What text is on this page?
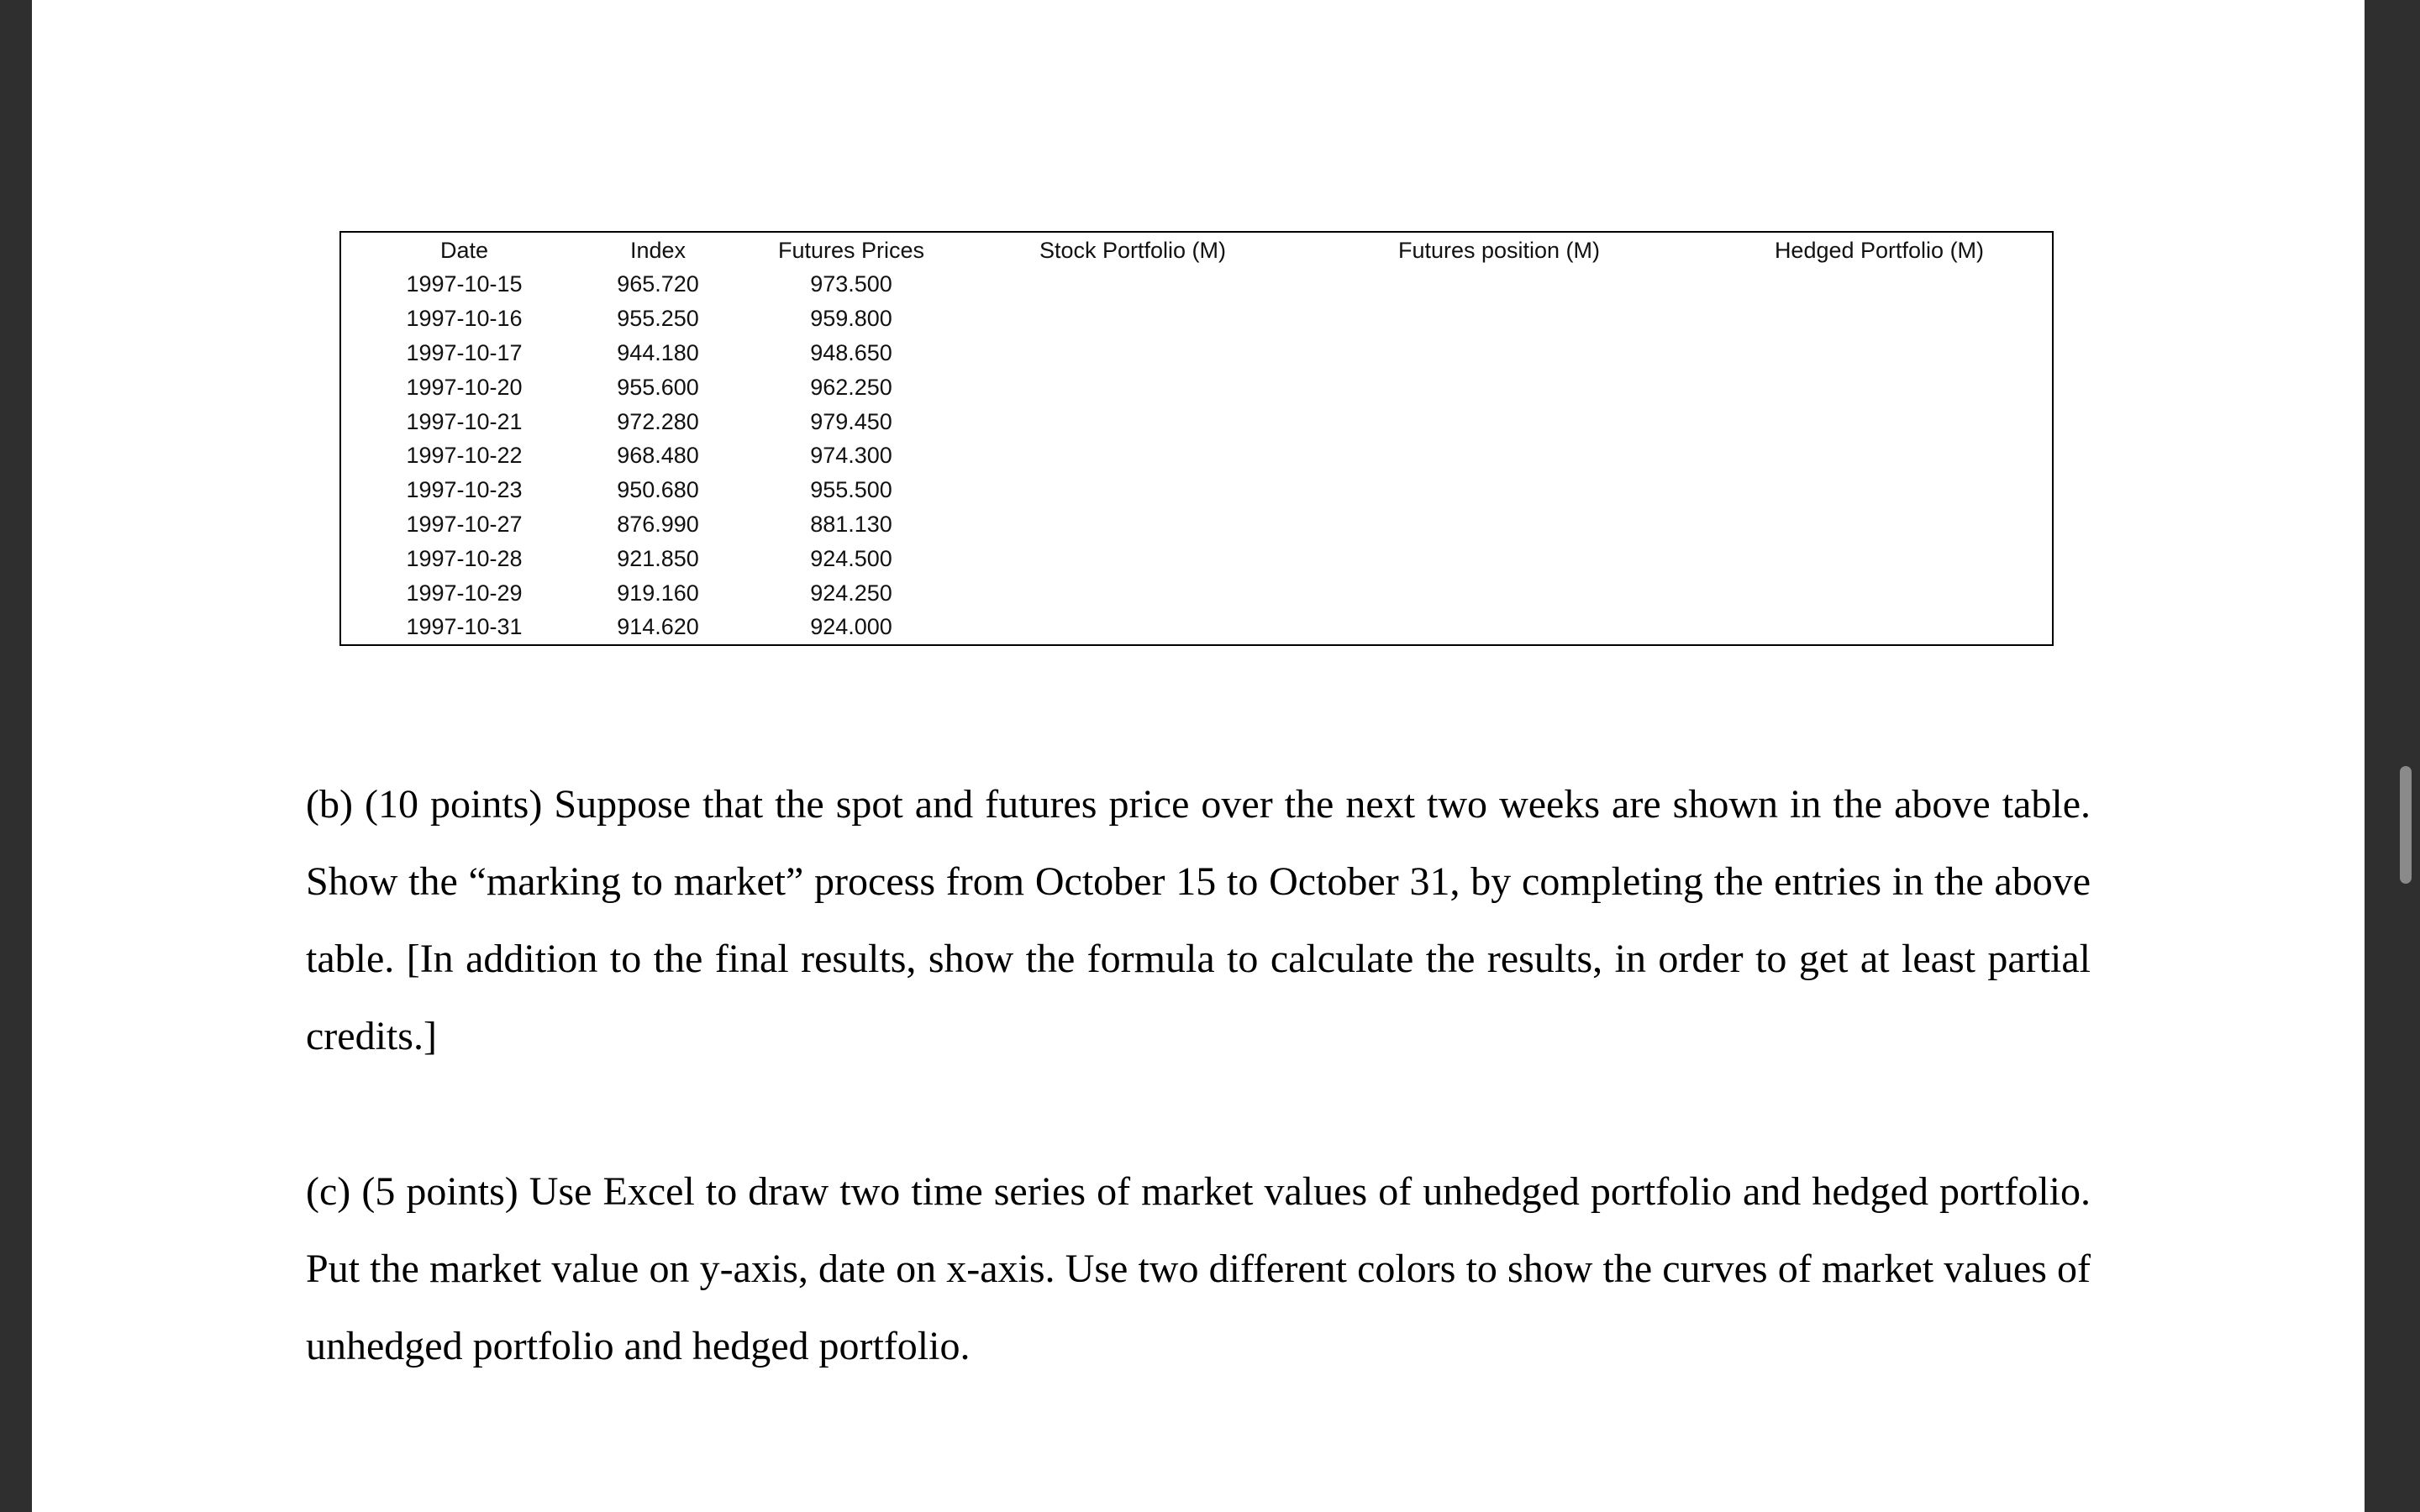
Date	Index	Futures Prices	Stock Portfolio (M)	Futures position (M)	Hedged Portfolio (M)
1997-10-15	965.720	973.500			
1997-10-16	955.250	959.800			
1997-10-17	944.180	948.650			
1997-10-20	955.600	962.250			
1997-10-21	972.280	979.450			
1997-10-22	968.480	974.300			
1997-10-23	950.680	955.500			
1997-10-27	876.990	881.130			
1997-10-28	921.850	924.500			
1997-10-29	919.160	924.250			
1997-10-31	914.620	924.000			

(b) (10 points) Suppose that the spot and futures price over the next two weeks are shown in the above table. Show the “marking to market” process from October 15 to October 31, by completing the entries in the above table. [In addition to the final results, show the formula to calculate the results, in order to get at least partial credits.]

(c) (5 points) Use Excel to draw two time series of market values of unhedged portfolio and hedged portfolio. Put the market value on y-axis, date on x-axis. Use two different colors to show the curves of market values of unhedged portfolio and hedged portfolio.
